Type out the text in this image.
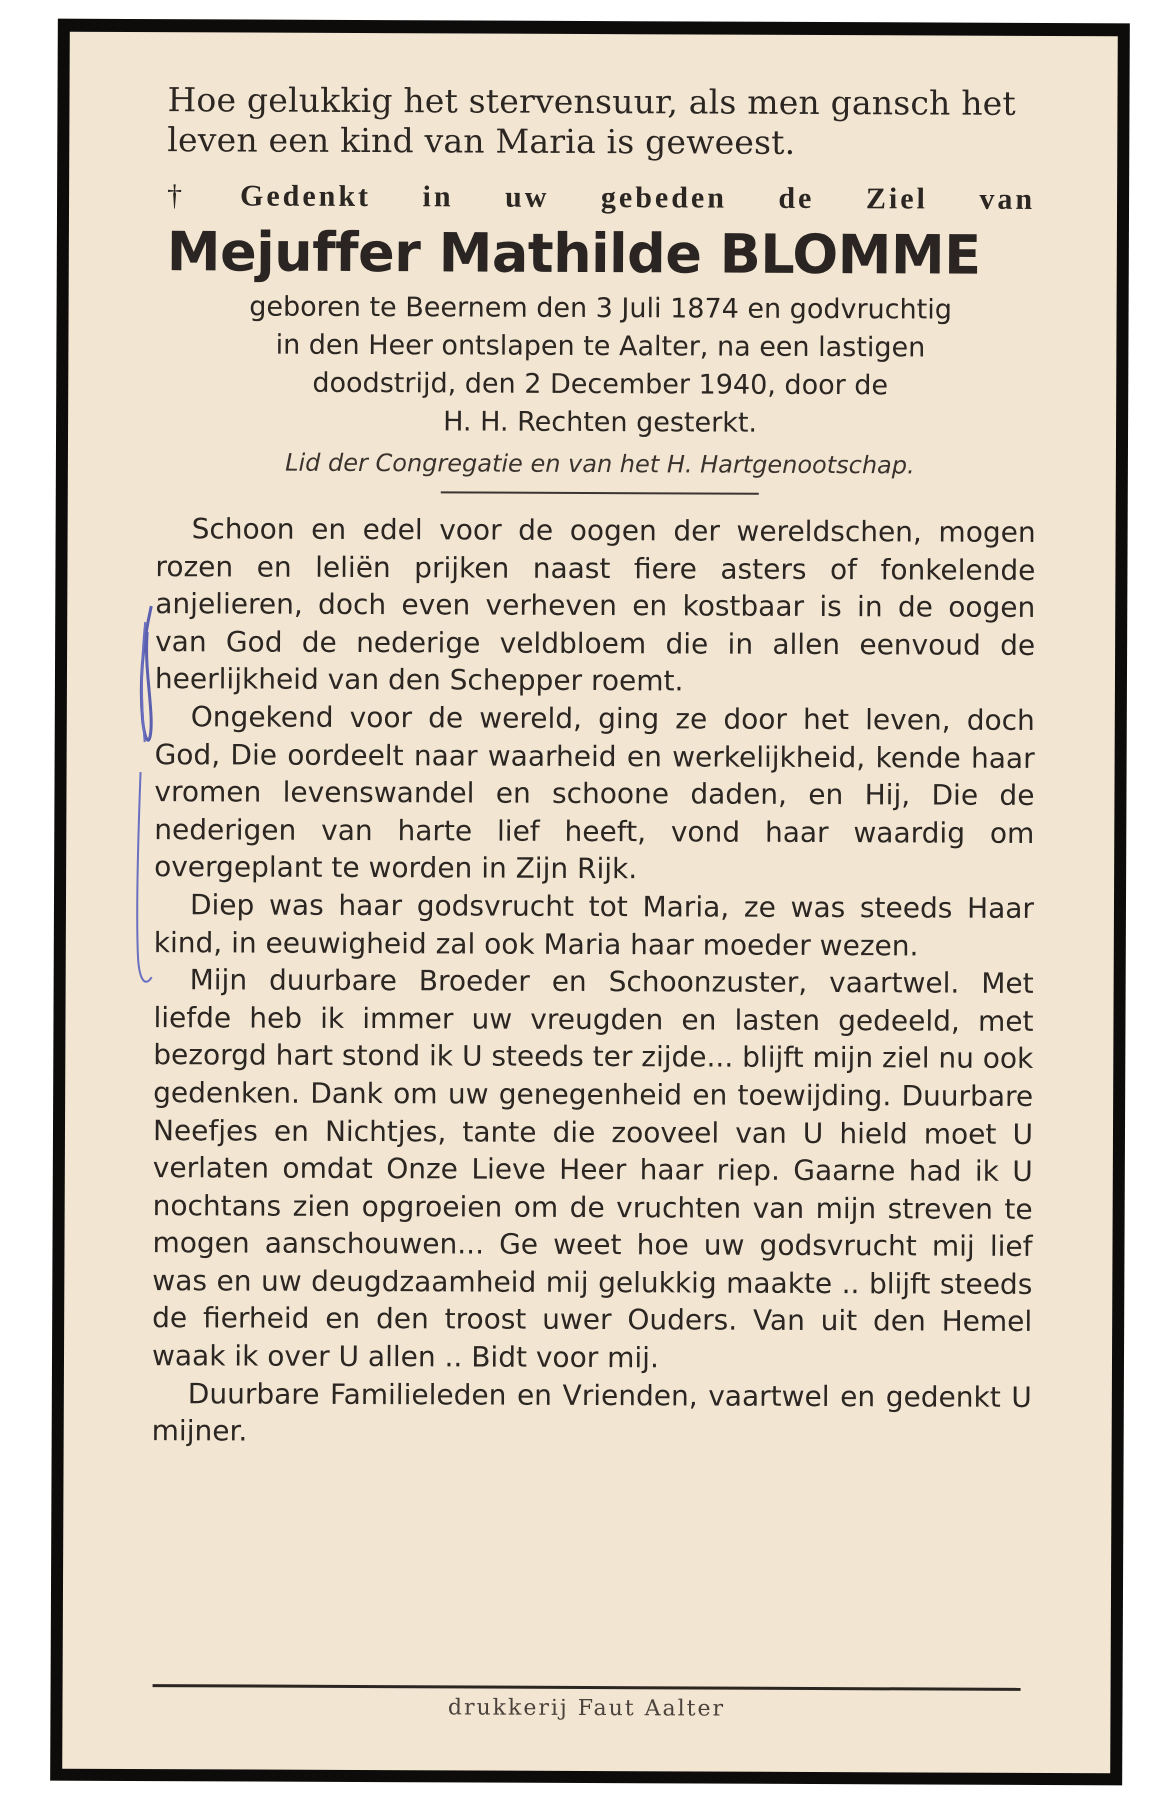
Hoe gelukkig het stervensuur, als men gansch het
leven een kind van Maria is geweest.
† Gedenkt in uw gebeden de Ziel van
Mejuffer Mathilde BLOMME
geboren te Beernem den 3 Juli 1874 en godvruchtig
in den Heer ontslapen te Aalter, na een lastigen
doodstrijd, den 2 December 1940, door de
H. H. Rechten gesterkt.
Lid der Congregatie en van het H. Hartgenootschap.

Schoon en edel voor de oogen der wereldschen, mogen rozen en leliën prijken naast fiere asters of fonkelende anjelieren, doch even verheven en kostbaar is in de oogen van God de nederige veldbloem die in allen eenvoud de heerlijkheid van den Schepper roemt.

Ongekend voor de wereld, ging ze door het leven, doch God, Die oordeelt naar waarheid en werkelijkheid, kende haar vromen levenswandel en schoone daden, en Hij, Die de nederigen van harte lief heeft, vond haar waardig om overgeplant te worden in Zijn Rijk.

Diep was haar godsvrucht tot Maria, ze was steeds Haar kind, in eeuwigheid zal ook Maria haar moeder wezen.

Mijn duurbare Broeder en Schoonzuster, vaartwel. Met liefde heb ik immer uw vreugden en lasten gedeeld, met bezorgd hart stond ik U steeds ter zijde... blijft mijn ziel nu ook gedenken. Dank om uw genegenheid en toewijding. Duurbare Neefjes en Nichtjes, tante die zooveel van U hield moet U verlaten omdat Onze Lieve Heer haar riep. Gaarne had ik U nochtans zien opgroeien om de vruchten van mijn streven te mogen aanschouwen... Ge weet hoe uw godsvrucht mij lief was en uw deugdzaamheid mij gelukkig maakte .. blijft steeds de fierheid en den troost uwer Ouders. Van uit den Hemel waak ik over U allen .. Bidt voor mij.

Duurbare Familieleden en Vrienden, vaartwel en gedenkt U mijner.

drukkerij Faut Aalter
